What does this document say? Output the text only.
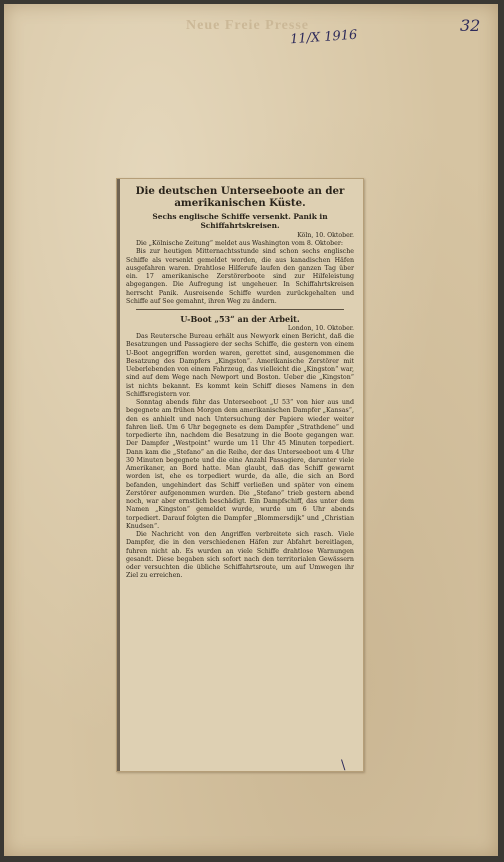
Neue Freie Presse
11/X 1916
32

Die deutschen Unterseeboote an der amerikanischen Küste.

Sechs englische Schiffe versenkt. Panik in Schiffahrtskreisen.

Köln, 10. Oktober.

Die „Kölnische Zeitung“ meldet aus Washington vom 8. Oktober:

Bis zur heutigen Mitternachtsstunde sind schon sechs englische Schiffe als versenkt gemeldet worden, die aus kanadischen Häfen ausgefahren waren. Drahtlose Hilferufe laufen den ganzen Tag über ein. 17 amerikanische Zerstörerboote sind zur Hilfeleistung abgegangen. Die Aufregung ist ungeheuer. In Schiffahrtskreisen herrscht Panik. Ausreisende Schiffe wurden zurückgehalten und Schiffe auf See gemahnt, ihren Weg zu ändern.

U-Boot „53“ an der Arbeit.

London, 10. Oktober.

Das Reutersche Bureau erhält aus Newyork einen Bericht, daß die Besatzungen und Passagiere der sechs Schiffe, die gestern von einem U-Boot angegriffen worden waren, gerettet sind, ausgenommen die Besatzung des Dampfers „Kingston“. Amerikanische Zerstörer mit Ueberlebenden von einem Fahrzeug, das vielleicht die „Kingston“ war, sind auf dem Wege nach Newport und Boston. Ueber die „Kingston“ ist nichts bekannt. Es kommt kein Schiff dieses Namens in den Schiffsregistern vor.

Sonntag abends führ das Unterseeboot „U 53“ von hier aus und begegnete am frühen Morgen dem amerikanischen Dampfer „Kansas“, den es anhielt und nach Untersuchung der Papiere wieder weiter fahren ließ. Um 6 Uhr begegnete es dem Dampfer „Strathdene“ und torpedierte ihn, nachdem die Besatzung in die Boote gegangen war. Der Dampfer „Westpoint“ wurde um 11 Uhr 45 Minuten torpediert. Dann kam die „Stefano“ an die Reihe, der das Unterseeboot um 4 Uhr 30 Minuten begegnete und die eine Anzahl Passagiere, darunter viele Amerikaner, an Bord hatte. Man glaubt, daß das Schiff gewarnt worden ist, ehe es torpediert wurde, da alle, die sich an Bord befanden, ungehindert das Schiff verließen und später von einem Zerstörer aufgenommen wurden. Die „Stefano“ trieb gestern abend noch, war aber ernstlich beschädigt. Ein Dampfschiff, das unter dem Namen „Kingston“ gemeldet wurde, wurde um 6 Uhr abends torpediert. Darauf folgten die Dampfer „Blommersdijk“ und „Christian Knudsen“.

Die Nachricht von den Angriffen verbreitete sich rasch. Viele Dampfer, die in den verschiedenen Häfen zur Abfahrt bereitlagen, fuhren nicht ab. Es wurden an viele Schiffe drahtlose Warnungen gesandt. Diese begaben sich sofort nach den territorialen Gewässern oder versuchten die übliche Schiffahrtsroute, um auf Umwegen ihr Ziel zu erreichen.

\
